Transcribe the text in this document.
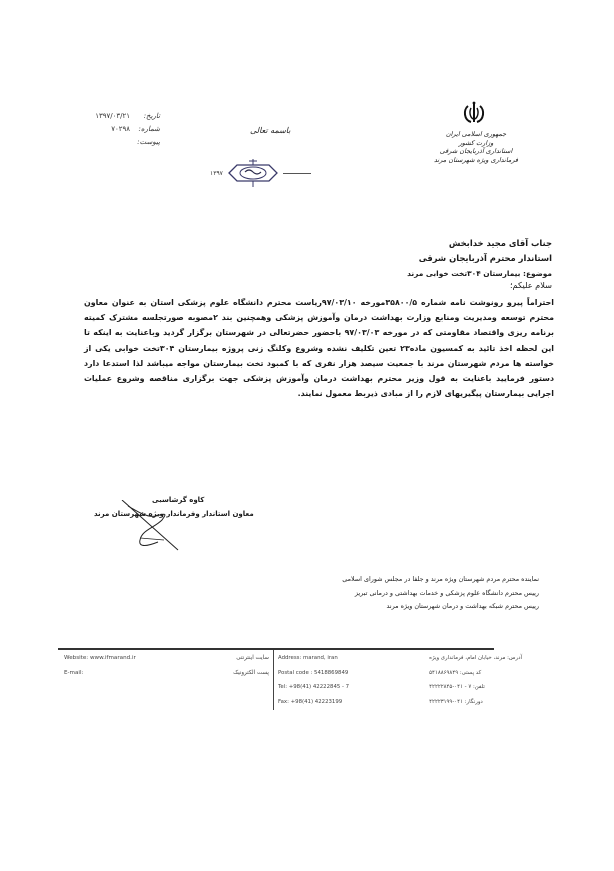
جمهوری اسلامی ایران
وزارت کشور
استانداری آذربایجان شرقی
فرمانداری ویژه شهرستان مرند
باسمه تعالی
۱۳۹۷
تاریخ:
۱۳۹۷/۰۳/۲۱
شماره:
۷۰۲۹۸
پیوست:
جناب آقای مجید خدابخش
استاندار محترم آذربایجان شرقی
موضوع: بیمارستان ۳۰۴تخت خوابی مرند
سلام علیکم؛

احتراماً پیرو رونوشت نامه شماره ۳۵۸۰۰/۵مورخه ۹۷/۰۳/۱۰ریاست محترم دانشگاه علوم پزشکی استان به عنوان معاون محترم توسعه ومدیریت ومنابع وزارت بهداشت درمان وآموزش پزشکی وهمچنین بند ۲مصوبه صورتجلسه مشترک کمیته برنامه ریزی واقتصاد مقاومتی که در مورخه ۹۷/۰۳/۰۳ باحضور حضرتعالی در شهرستان برگزار گردید وباعنایت به اینکه تا این لحظه اخذ تائید به کمسیون ماده۲۳ تعین تکلیف نشده وشروع وکلنگ زنی پروژه بیمارستان ۳۰۴تخت خوابی یکی از خواسته ها مردم شهرستان مرند با جمعیت سیصد هزار نفری که با کمبود تخت بیمارستان مواجه میباشد لذا استدعا دارد دستور فرمایید باعنایت به قول وزیر محترم بهداشت درمان وآموزش پزشکی جهت برگزاری مناقصه وشروع عملیات اجرایی بیمارستان پیگیریهای لازم را از مبادی ذیربط معمول نمایند.

کاوه گرشاسبی
معاون استاندار وفرماندار ویژه شهرستان مرند
نماینده محترم مردم شهرستان ویژه مرند و جلفا در مجلس شورای اسلامی
رییس محترم دانشگاه علوم پزشکی و خدمات بهداشتی و درمانی تبریز
رییس محترم شبکه بهداشت و درمان شهرستان ویژه مرند
Website: www.ifmarand.ir	سایت اینترنتی
E-mail:	پست الکترونیک
Address: marand, iran
Postal code : 5418869849
Tel: +98(41) 42222845 - 7
Fax: +98(41) 42223199
آدرس: مرند، خیابان امام، فرمانداری ویژه
کد پستی: ۵۴۱۸۸۶۹۸۴۹
تلفن: ۷ - ۰۴۱-۴۲۲۲۲۸۴۵
دورنگار: ۰۴۱-۴۲۲۲۳۱۹۹
